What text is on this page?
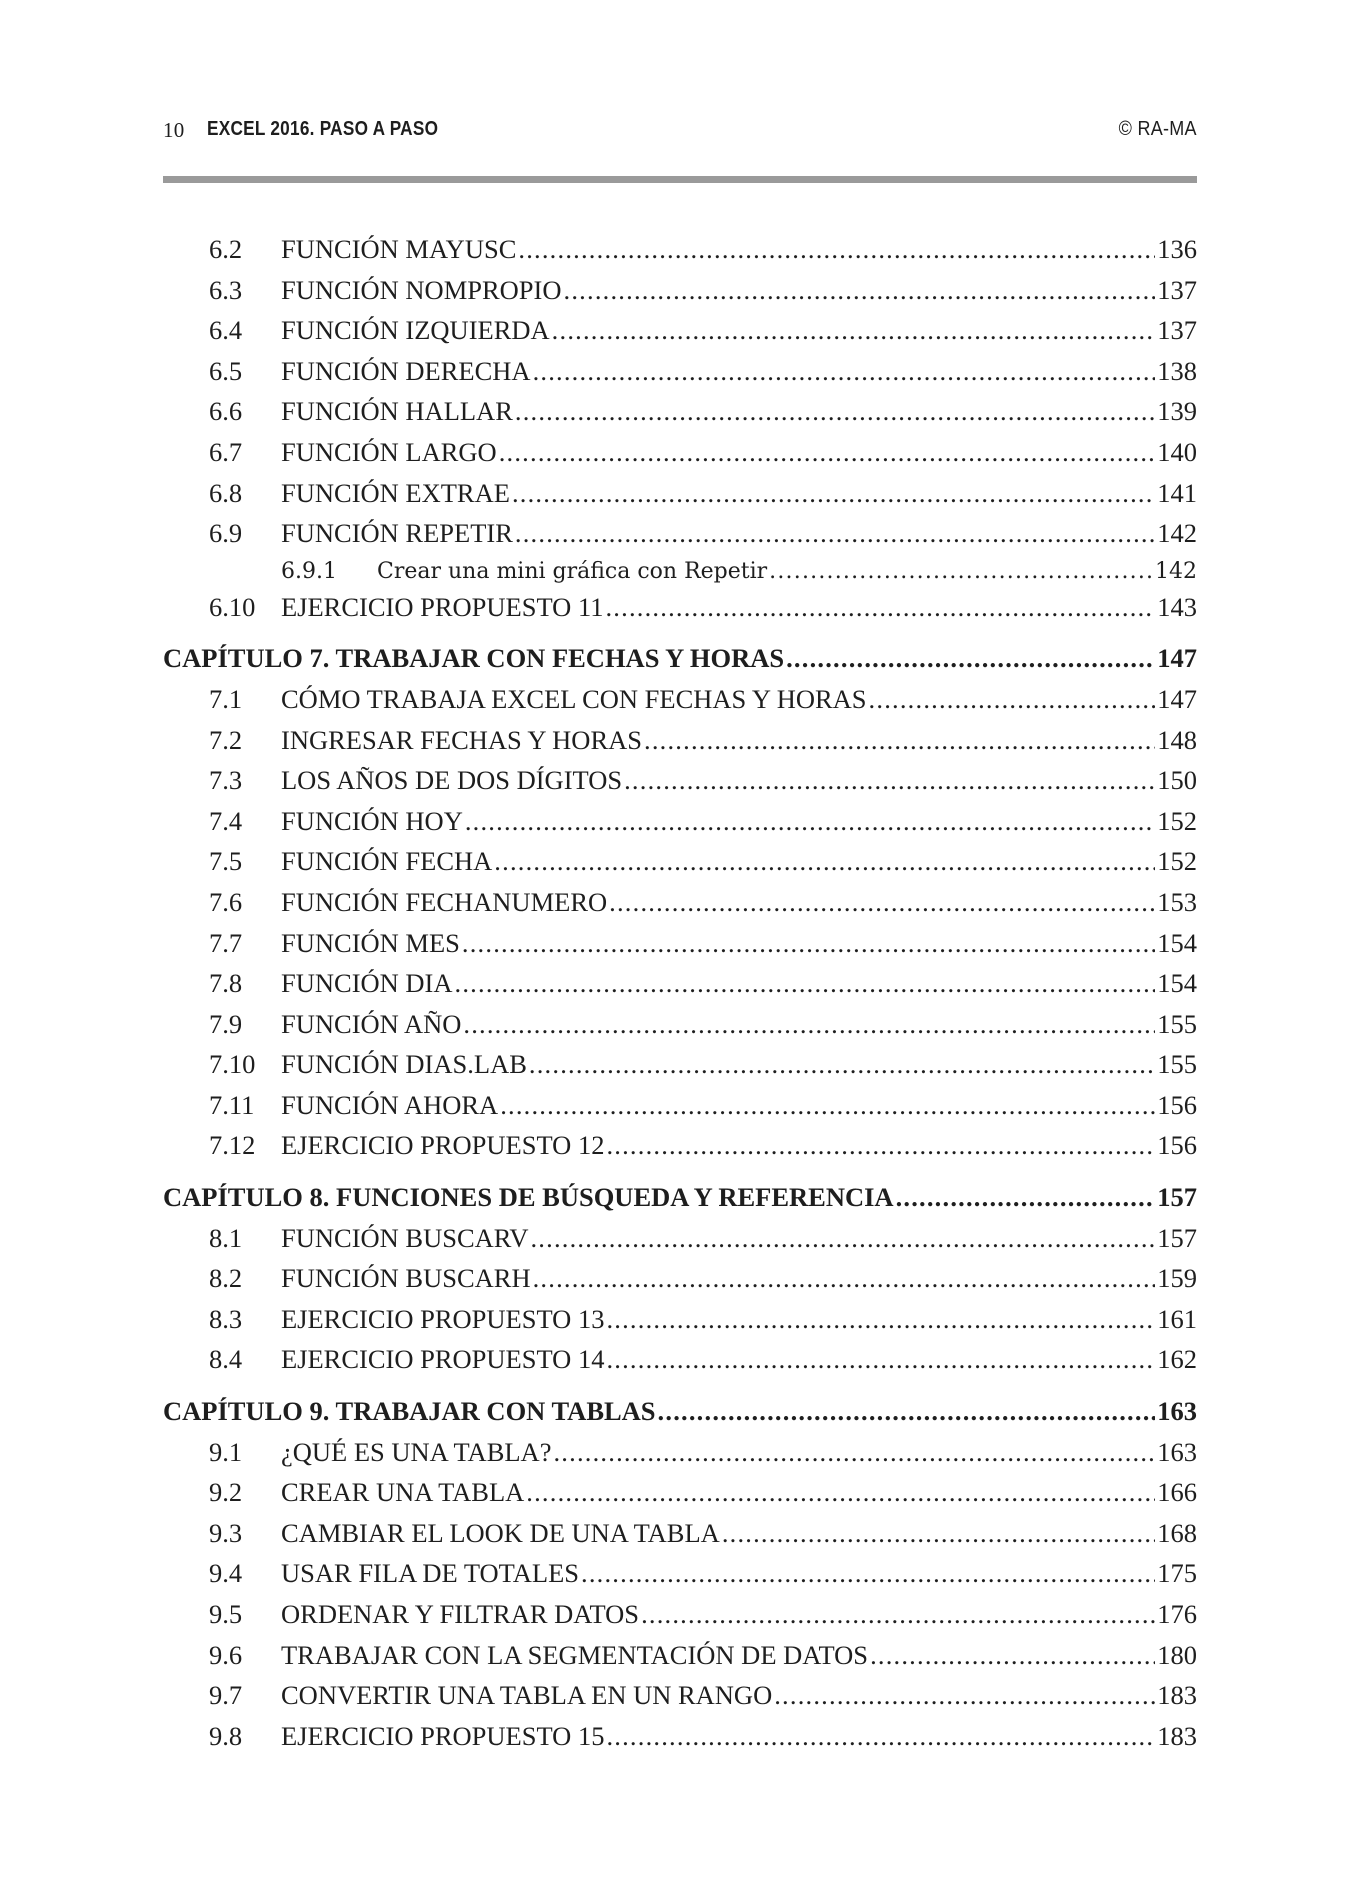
10 EXCEL 2016. PASO A PASO	© RA-MA
6.2 FUNCIÓN MAYUSC .....	136
6.3 FUNCIÓN NOMPROPIO .....	137
6.4 FUNCIÓN IZQUIERDA .....	137
6.5 FUNCIÓN DERECHA .....	138
6.6 FUNCIÓN HALLAR .....	139
6.7 FUNCIÓN LARGO .....	140
6.8 FUNCIÓN EXTRAE .....	141
6.9 FUNCIÓN REPETIR .....	142
6.9.1 Crear una mini gráfica con Repetir .....	142
6.10 EJERCICIO PROPUESTO 11 .....	143
CAPÍTULO 7. TRABAJAR CON FECHAS Y HORAS .....	147
7.1 CÓMO TRABAJA EXCEL CON FECHAS Y HORAS .....	147
7.2 INGRESAR FECHAS Y HORAS .....	148
7.3 LOS AÑOS DE DOS DÍGITOS .....	150
7.4 FUNCIÓN HOY .....	152
7.5 FUNCIÓN FECHA .....	152
7.6 FUNCIÓN FECHANUMERO .....	153
7.7 FUNCIÓN MES .....	154
7.8 FUNCIÓN DIA .....	154
7.9 FUNCIÓN AÑO .....	155
7.10 FUNCIÓN DIAS.LAB .....	155
7.11 FUNCIÓN AHORA .....	156
7.12 EJERCICIO PROPUESTO 12 .....	156
CAPÍTULO 8. FUNCIONES DE BÚSQUEDA Y REFERENCIA .....	157
8.1 FUNCIÓN BUSCARV .....	157
8.2 FUNCIÓN BUSCARH .....	159
8.3 EJERCICIO PROPUESTO 13 .....	161
8.4 EJERCICIO PROPUESTO 14 .....	162
CAPÍTULO 9. TRABAJAR CON TABLAS .....	163
9.1 ¿QUÉ ES UNA TABLA? .....	163
9.2 CREAR UNA TABLA .....	166
9.3 CAMBIAR EL LOOK DE UNA TABLA .....	168
9.4 USAR FILA DE TOTALES .....	175
9.5 ORDENAR Y FILTRAR DATOS .....	176
9.6 TRABAJAR CON LA SEGMENTACIÓN DE DATOS .....	180
9.7 CONVERTIR UNA TABLA EN UN RANGO .....	183
9.8 EJERCICIO PROPUESTO 15 .....	183
